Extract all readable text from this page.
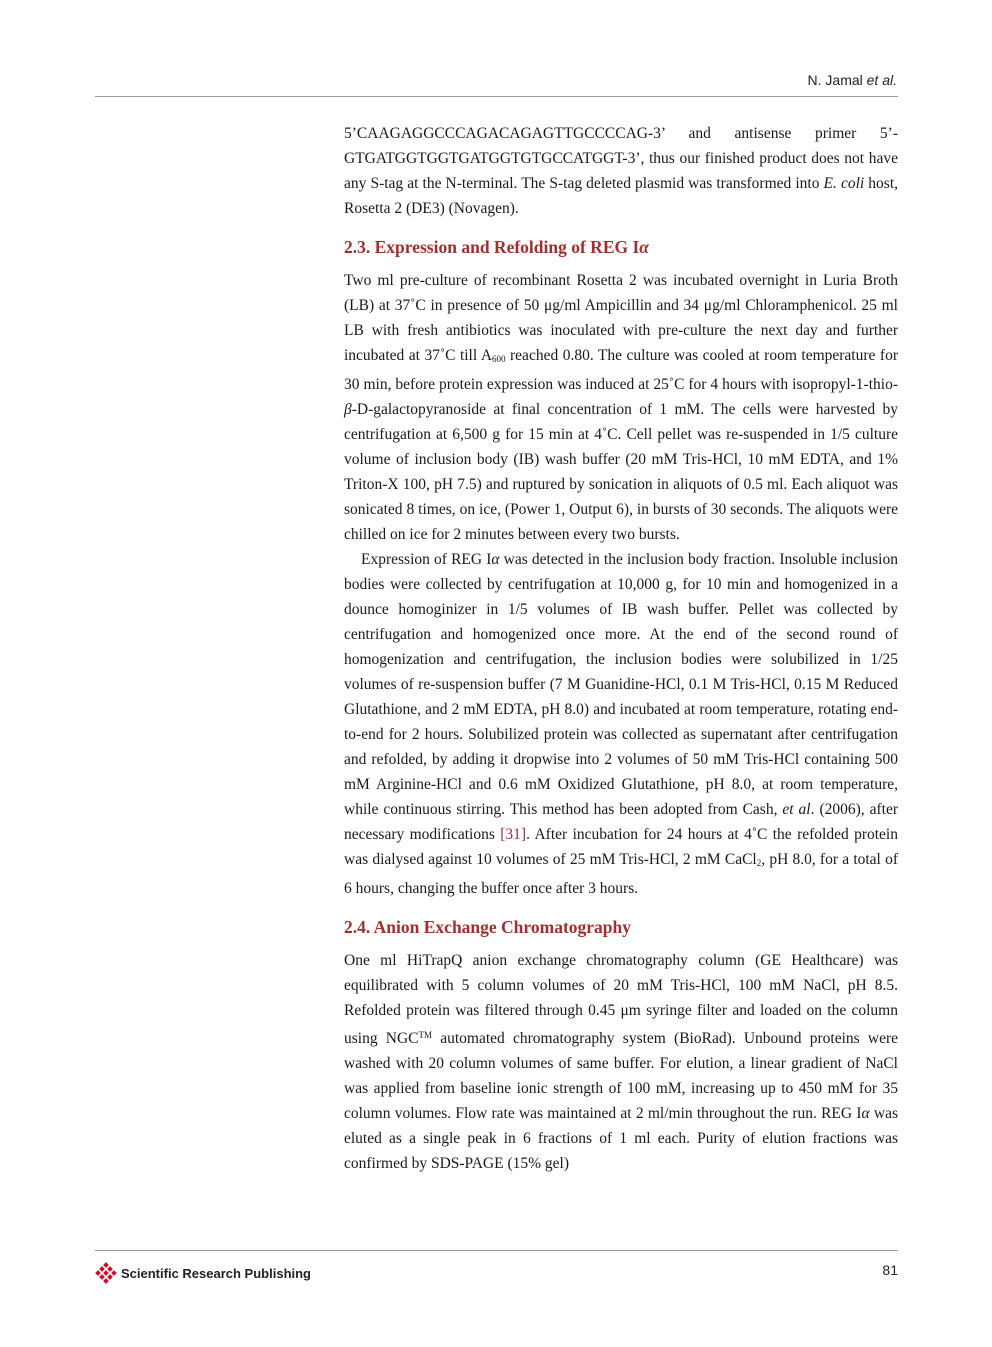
N. Jamal et al.

5’CAAGAGGCCCAGACAGAGTTGCCCCAG-3’ and antisense primer 5’-GTGATGGTGGTGATGGTGTGCCATGGT-3’, thus our finished product does not have any S-tag at the N-terminal. The S-tag deleted plasmid was transformed into E. coli host, Rosetta 2 (DE3) (Novagen).

2.3. Expression and Refolding of REG Iα

Two ml pre-culture of recombinant Rosetta 2 was incubated overnight in Luria Broth (LB) at 37˚C in presence of 50 μg/ml Ampicillin and 34 μg/ml Chloramphenicol. 25 ml LB with fresh antibiotics was inoculated with pre-culture the next day and further incubated at 37˚C till $A_{600}$ reached 0.80. The culture was cooled at room temperature for 30 min, before protein expression was induced at 25˚C for 4 hours with isopropyl-1-thio-β-D-galactopyranoside at final concentration of 1 mM. The cells were harvested by centrifugation at 6,500 g for 15 min at 4˚C. Cell pellet was re-suspended in 1/5 culture volume of inclusion body (IB) wash buffer (20 mM Tris-HCl, 10 mM EDTA, and 1% Triton-X 100, pH 7.5) and ruptured by sonication in aliquots of 0.5 ml. Each aliquot was sonicated 8 times, on ice, (Power 1, Output 6), in bursts of 30 seconds. The aliquots were chilled on ice for 2 minutes between every two bursts.

Expression of REG Iα was detected in the inclusion body fraction. Insoluble inclusion bodies were collected by centrifugation at 10,000 g, for 10 min and homogenized in a dounce homoginizer in 1/5 volumes of IB wash buffer. Pellet was collected by centrifugation and homogenized once more. At the end of the second round of homogenization and centrifugation, the inclusion bodies were solubilized in 1/25 volumes of re-suspension buffer (7 M Guanidine-HCl, 0.1 M Tris-HCl, 0.15 M Reduced Glutathione, and 2 mM EDTA, pH 8.0) and incubated at room temperature, rotating end-to-end for 2 hours. Solubilized protein was collected as supernatant after centrifugation and refolded, by adding it dropwise into 2 volumes of 50 mM Tris-HCl containing 500 mM Arginine-HCl and 0.6 mM Oxidized Glutathione, pH 8.0, at room temperature, while continuous stirring. This method has been adopted from Cash, et al. (2006), after necessary modifications [31]. After incubation for 24 hours at 4˚C the refolded protein was dialysed against 10 volumes of 25 mM Tris-HCl, 2 mM CaCl$_2$, pH 8.0, for a total of 6 hours, changing the buffer once after 3 hours.

2.4. Anion Exchange Chromatography

One ml HiTrapQ anion exchange chromatography column (GE Healthcare) was equilibrated with 5 column volumes of 20 mM Tris-HCl, 100 mM NaCl, pH 8.5. Refolded protein was filtered through 0.45 μm syringe filter and loaded on the column using NGC™ automated chromatography system (BioRad). Unbound proteins were washed with 20 column volumes of same buffer. For elution, a linear gradient of NaCl was applied from baseline ionic strength of 100 mM, increasing up to 450 mM for 35 column volumes. Flow rate was maintained at 2 ml/min throughout the run. REG Iα was eluted as a single peak in 6 fractions of 1 ml each. Purity of elution fractions was confirmed by SDS-PAGE (15% gel)

Scientific Research Publishing	81
